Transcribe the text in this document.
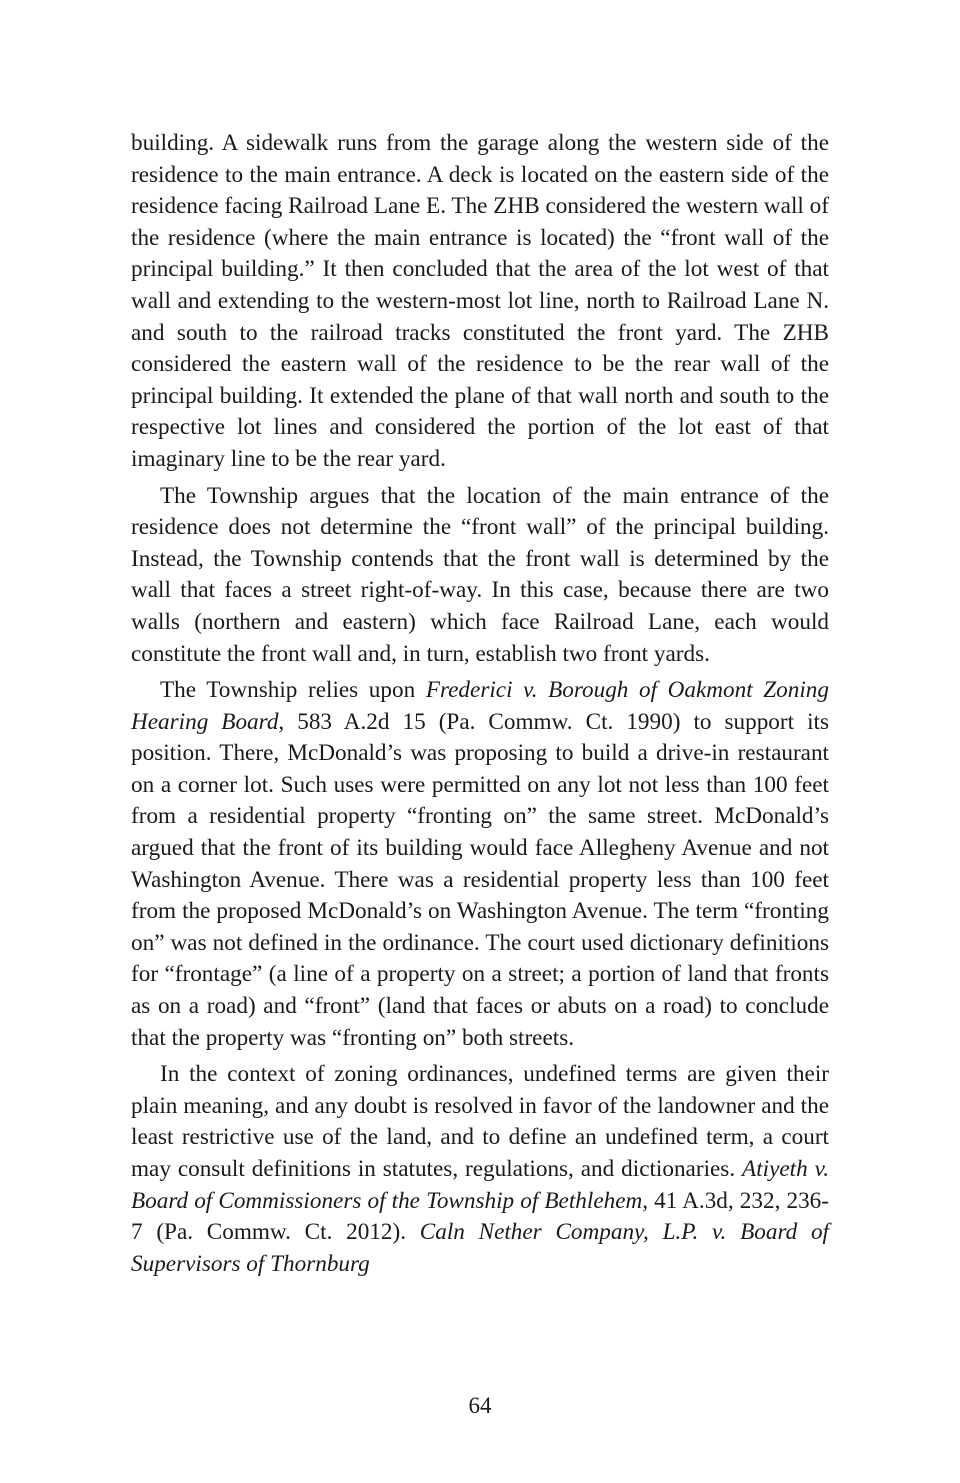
building. A sidewalk runs from the garage along the western side of the residence to the main entrance. A deck is located on the eastern side of the residence facing Railroad Lane E. The ZHB considered the western wall of the residence (where the main entrance is located) the “front wall of the principal building.” It then concluded that the area of the lot west of that wall and extending to the western-most lot line, north to Railroad Lane N. and south to the railroad tracks constituted the front yard. The ZHB considered the eastern wall of the residence to be the rear wall of the principal building. It extended the plane of that wall north and south to the respective lot lines and considered the portion of the lot east of that imaginary line to be the rear yard.

The Township argues that the location of the main entrance of the residence does not determine the “front wall” of the principal building. Instead, the Township contends that the front wall is determined by the wall that faces a street right-of-way. In this case, because there are two walls (northern and eastern) which face Railroad Lane, each would constitute the front wall and, in turn, establish two front yards.

The Township relies upon Frederici v. Borough of Oakmont Zoning Hearing Board, 583 A.2d 15 (Pa. Commw. Ct. 1990) to support its position. There, McDonald’s was proposing to build a drive-in restaurant on a corner lot. Such uses were permitted on any lot not less than 100 feet from a residential property “fronting on” the same street. McDonald’s argued that the front of its building would face Allegheny Avenue and not Washington Avenue. There was a residential property less than 100 feet from the proposed McDonald’s on Washington Avenue. The term “fronting on” was not defined in the ordinance. The court used dictionary definitions for “frontage” (a line of a property on a street; a portion of land that fronts as on a road) and “front” (land that faces or abuts on a road) to conclude that the property was “fronting on” both streets.

In the context of zoning ordinances, undefined terms are given their plain meaning, and any doubt is resolved in favor of the landowner and the least restrictive use of the land, and to define an undefined term, a court may consult definitions in statutes, regulations, and dictionaries. Atiyeth v. Board of Commissioners of the Township of Bethlehem, 41 A.3d, 232, 236-7 (Pa. Commw. Ct. 2012). Caln Nether Company, L.P. v. Board of Supervisors of Thornburg

64
